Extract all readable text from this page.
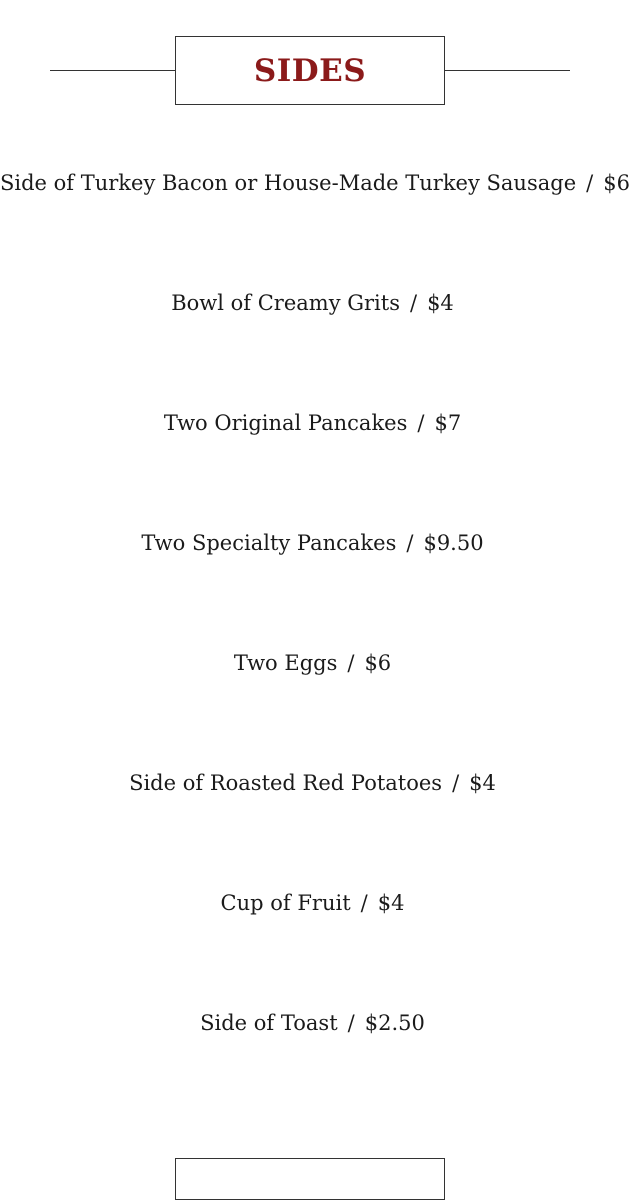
SIDES
Side of Turkey Bacon or House-Made Turkey Sausage / $6
Bowl of Creamy Grits / $4
Two Original Pancakes / $7
Two Specialty Pancakes / $9.50
Two Eggs / $6
Side of Roasted Red Potatoes / $4
Cup of Fruit / $4
Side of Toast / $2.50
